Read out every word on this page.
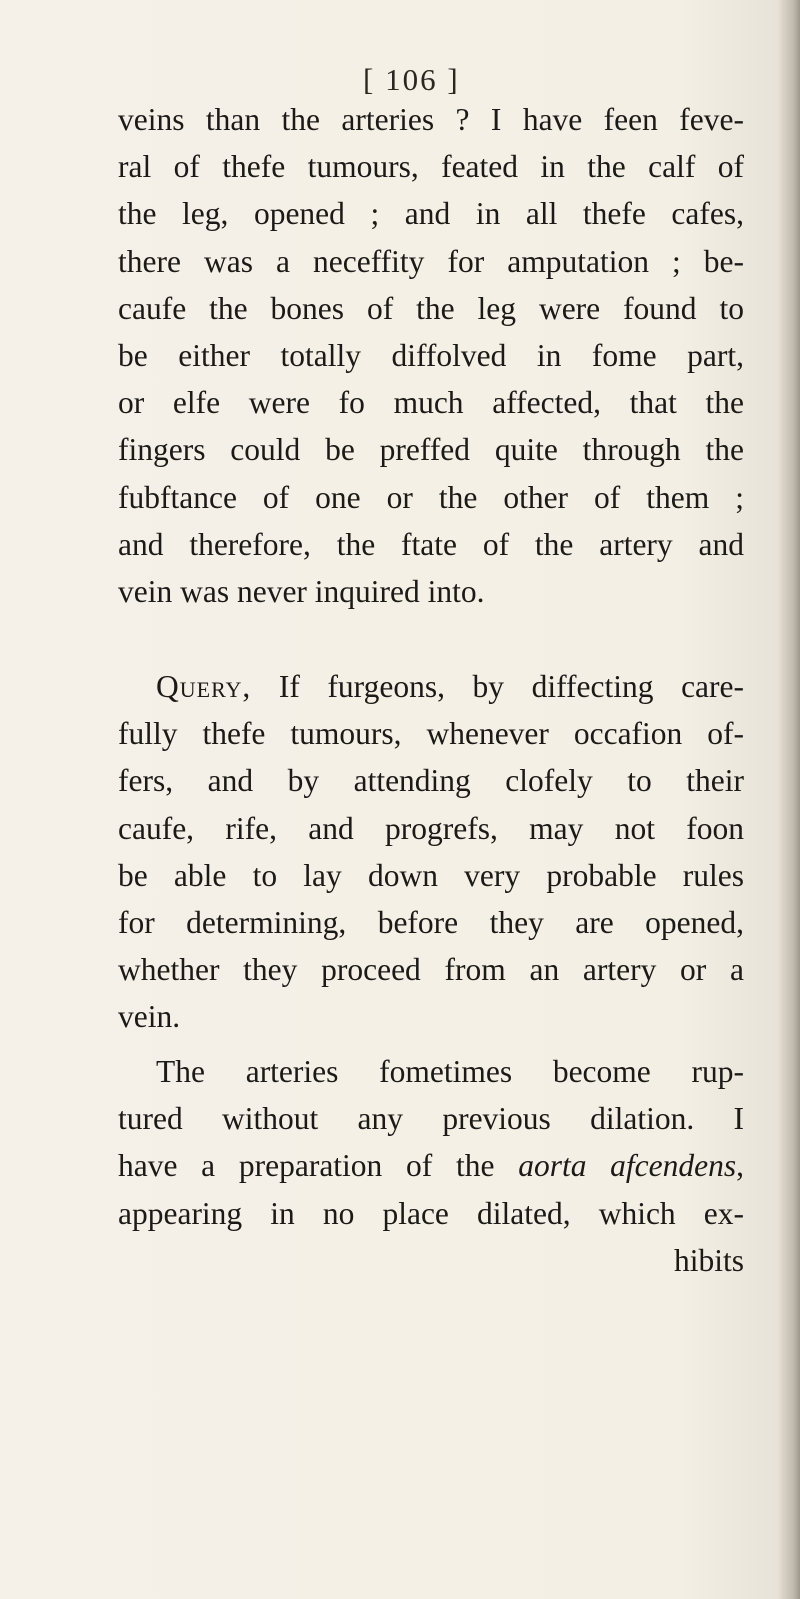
[ 106 ]
veins than the arteries ? I have feen feve-
ral of thefe tumours, feated in the calf of
the leg, opened ; and in all thefe cafes,
there was a neceffity for amputation ; be-
caufe the bones of the leg were found to
be either totally diffolved in fome part,
or elfe were fo much affected, that the
fingers could be preffed quite through the
fubftance of one or the other of them ;
and therefore, the ftate of the artery and
vein was never inquired into.
Query, If furgeons, by diffecting care-
fully thefe tumours, whenever occafion of-
fers, and by attending clofely to their
caufe, rife, and progrefs, may not foon
be able to lay down very probable rules
for determining, before they are opened,
whether they proceed from an artery or a
vein.
The arteries fometimes become rup-
tured without any previous dilation. I
have a preparation of the aorta afcendens,
appearing in no place dilated, which ex-
hibits
